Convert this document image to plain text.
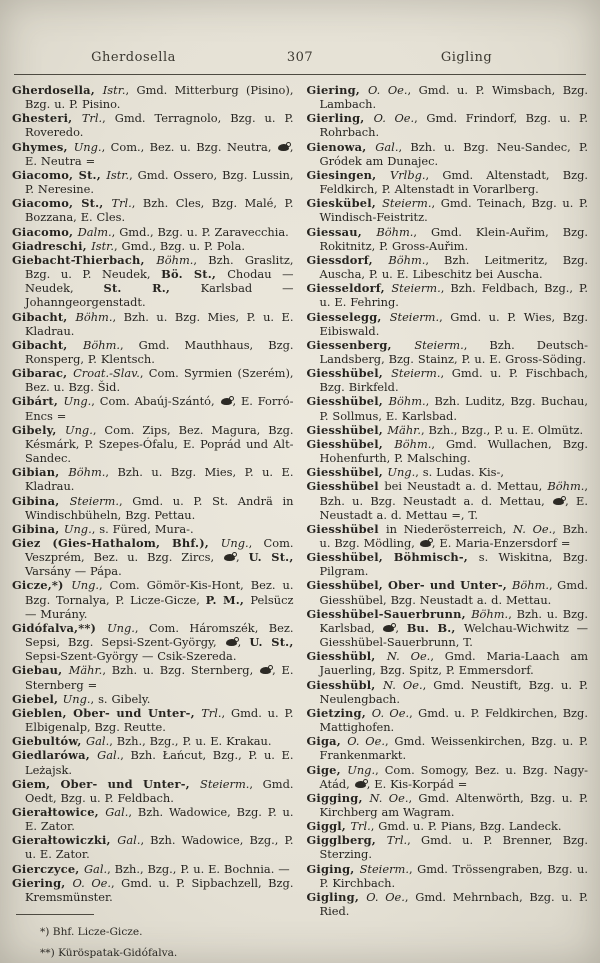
Gherdosella	307	Gigling
Gherdosella, Istr., Gmd. Mitterburg (Pisino), Bzg. u. P. Pisino.
Ghesteri, Trl., Gmd. Terragnolo, Bzg. u. P. Roveredo.
Ghymes, Ung., Com., Bez. u. Bzg. Neutra, , E. Neutra =
Giacomo, St., Istr., Gmd. Ossero, Bzg. Lussin, P. Neresine.
Giacomo, St., Trl., Bzh. Cles, Bzg. Malé, P. Bozzana, E. Cles.
Giacomo, Dalm., Gmd., Bzg. u. P. Zaravecchia.
Giadreschi, Istr., Gmd., Bzg. u. P. Pola.
Giebacht-Thierbach, Böhm., Bzh. Graslitz, Bzg. u. P. Neudek, Bö. St., Chodau — Neudek, St. R., Karlsbad — Johanngeorgenstadt.
Gibacht, Böhm., Bzh. u. Bzg. Mies, P. u. E. Kladrau.
Gibacht, Böhm., Gmd. Mauthhaus, Bzg. Ronsperg, P. Klentsch.
Gibarac, Croat.-Slav., Com. Syrmien (Szerém), Bez. u. Bzg. Šid.
Gibárt, Ung., Com. Abaúj-Szántó, , E. Forró-Encs =
Gibely, Ung., Com. Zips, Bez. Magura, Bzg. Késmárk, P. Szepes-Ófalu, E. Poprád und Alt-Sandec.
Gibian, Böhm., Bzh. u. Bzg. Mies, P. u. E. Kladrau.
Gibina, Steierm., Gmd. u. P. St. Andrä in Windischbüheln, Bzg. Pettau.
Gibina, Ung., s. Füred, Mura-.
Giez (Gies-Hathalom, Bhf.), Ung., Com. Veszprém, Bez. u. Bzg. Zircs, , U. St., Varsány — Pápa.
Gicze,*) Ung., Com. Gömör-Kis-Hont, Bez. u. Bzg. Tornalya, P. Licze-Gicze, P. M., Pelsücz — Murány.
Gidófalva,**) Ung., Com. Háromszék, Bez. Sepsi, Bzg. Sepsi-Szent-György, , U. St., Sepsi-Szent-György — Csik-Szereda.
Giebau, Mähr., Bzh. u. Bzg. Sternberg, , E. Sternberg =
Giebel, Ung., s. Gibely.
Gieblen, Ober- und Unter-, Trl., Gmd. u. P. Elbigenalp, Bzg. Reutte.
Giebultów, Gal., Bzh., Bzg., P. u. E. Krakau.
Giedlarówa, Gal., Bzh. Łańcut, Bzg., P. u. E. Leżajsk.
Giem, Ober- und Unter-, Steierm., Gmd. Oedt, Bzg. u. P. Feldbach.
Gierałtowice, Gal., Bzh. Wadowice, Bzg. P. u. E. Zator.
Gierałtowiczki, Gal., Bzh. Wadowice, Bzg., P. u. E. Zator.
Gierczyce, Gal., Bzh., Bzg., P. u. E. Bochnia. —
Giering, O. Oe., Gmd. u. P. Sipbachzell, Bzg. Kremsmünster.
*) Bhf. Licze-Gicze.
**) Küröspatak-Gidófalva.
Giering, O. Oe., Gmd. u. P. Wimsbach, Bzg. Lambach.
Gierling, O. Oe., Gmd. Frindorf, Bzg. u. P. Rohrbach.
Gienowa, Gal., Bzh. u. Bzg. Neu-Sandec, P. Gródek am Dunajec.
Giesingen, Vrlbg., Gmd. Altenstadt, Bzg. Feldkirch, P. Altenstadt in Vorarlberg.
Gieskübel, Steierm., Gmd. Teinach, Bzg. u. P. Windisch-Feistritz.
Giessau, Böhm., Gmd. Klein-Auřim, Bzg. Rokitnitz, P. Gross-Auřim.
Giessdorf, Böhm., Bzh. Leitmeritz, Bzg. Auscha, P. u. E. Libeschitz bei Auscha.
Giesseldorf, Steierm., Bzh. Feldbach, Bzg., P. u. E. Fehring.
Giesselegg, Steierm., Gmd. u. P. Wies, Bzg. Eibiswald.
Giessenberg, Steierm., Bzh. Deutsch-Landsberg, Bzg. Stainz, P. u. E. Gross-Söding.
Giesshübel, Steierm., Gmd. u. P. Fischbach, Bzg. Birkfeld.
Giesshübel, Böhm., Bzh. Luditz, Bzg. Buchau, P. Sollmus, E. Karlsbad.
Giesshübel, Mähr., Bzh., Bzg., P. u. E. Olmütz.
Giesshübel, Böhm., Gmd. Wullachen, Bzg. Hohenfurth, P. Malsching.
Giesshübel, Ung., s. Ludas. Kis-,
Giesshübel bei Neustadt a. d. Mettau, Böhm., Bzh. u. Bzg. Neustadt a. d. Mettau, , E. Neustadt a. d. Mettau =, T.
Giesshübel in Niederösterreich, N. Oe., Bzh. u. Bzg. Mödling, , E. Maria-Enzersdorf =
Giesshübel, Böhmisch-, s. Wiskitna, Bzg. Pilgram.
Giesshübel, Ober- und Unter-, Böhm., Gmd. Giesshübel, Bzg. Neustadt a. d. Mettau.
Giesshübel-Sauerbrunn, Böhm., Bzh. u. Bzg. Karlsbad, , Bu. B., Welchau-Wichwitz — Giesshübel-Sauerbrunn, T.
Giesshübl, N. Oe., Gmd. Maria-Laach am Jauerling, Bzg. Spitz, P. Emmersdorf.
Giesshübl, N. Oe., Gmd. Neustift, Bzg. u. P. Neulengbach.
Gietzing, O. Oe., Gmd. u. P. Feldkirchen, Bzg. Mattighofen.
Giga, O. Oe., Gmd. Weissenkirchen, Bzg. u. P. Frankenmarkt.
Gige, Ung., Com. Somogy, Bez. u. Bzg. Nagy-Atád, , E. Kis-Korpád =
Gigging, N. Oe., Gmd. Altenwörth, Bzg. u. P. Kirchberg am Wagram.
Giggl, Trl., Gmd. u. P. Pians, Bzg. Landeck.
Gigglberg, Trl., Gmd. u. P. Brenner, Bzg. Sterzing.
Giging, Steierm., Gmd. Trössengraben, Bzg. u. P. Kirchbach.
Gigling, O. Oe., Gmd. Mehrnbach, Bzg. u. P. Ried.
